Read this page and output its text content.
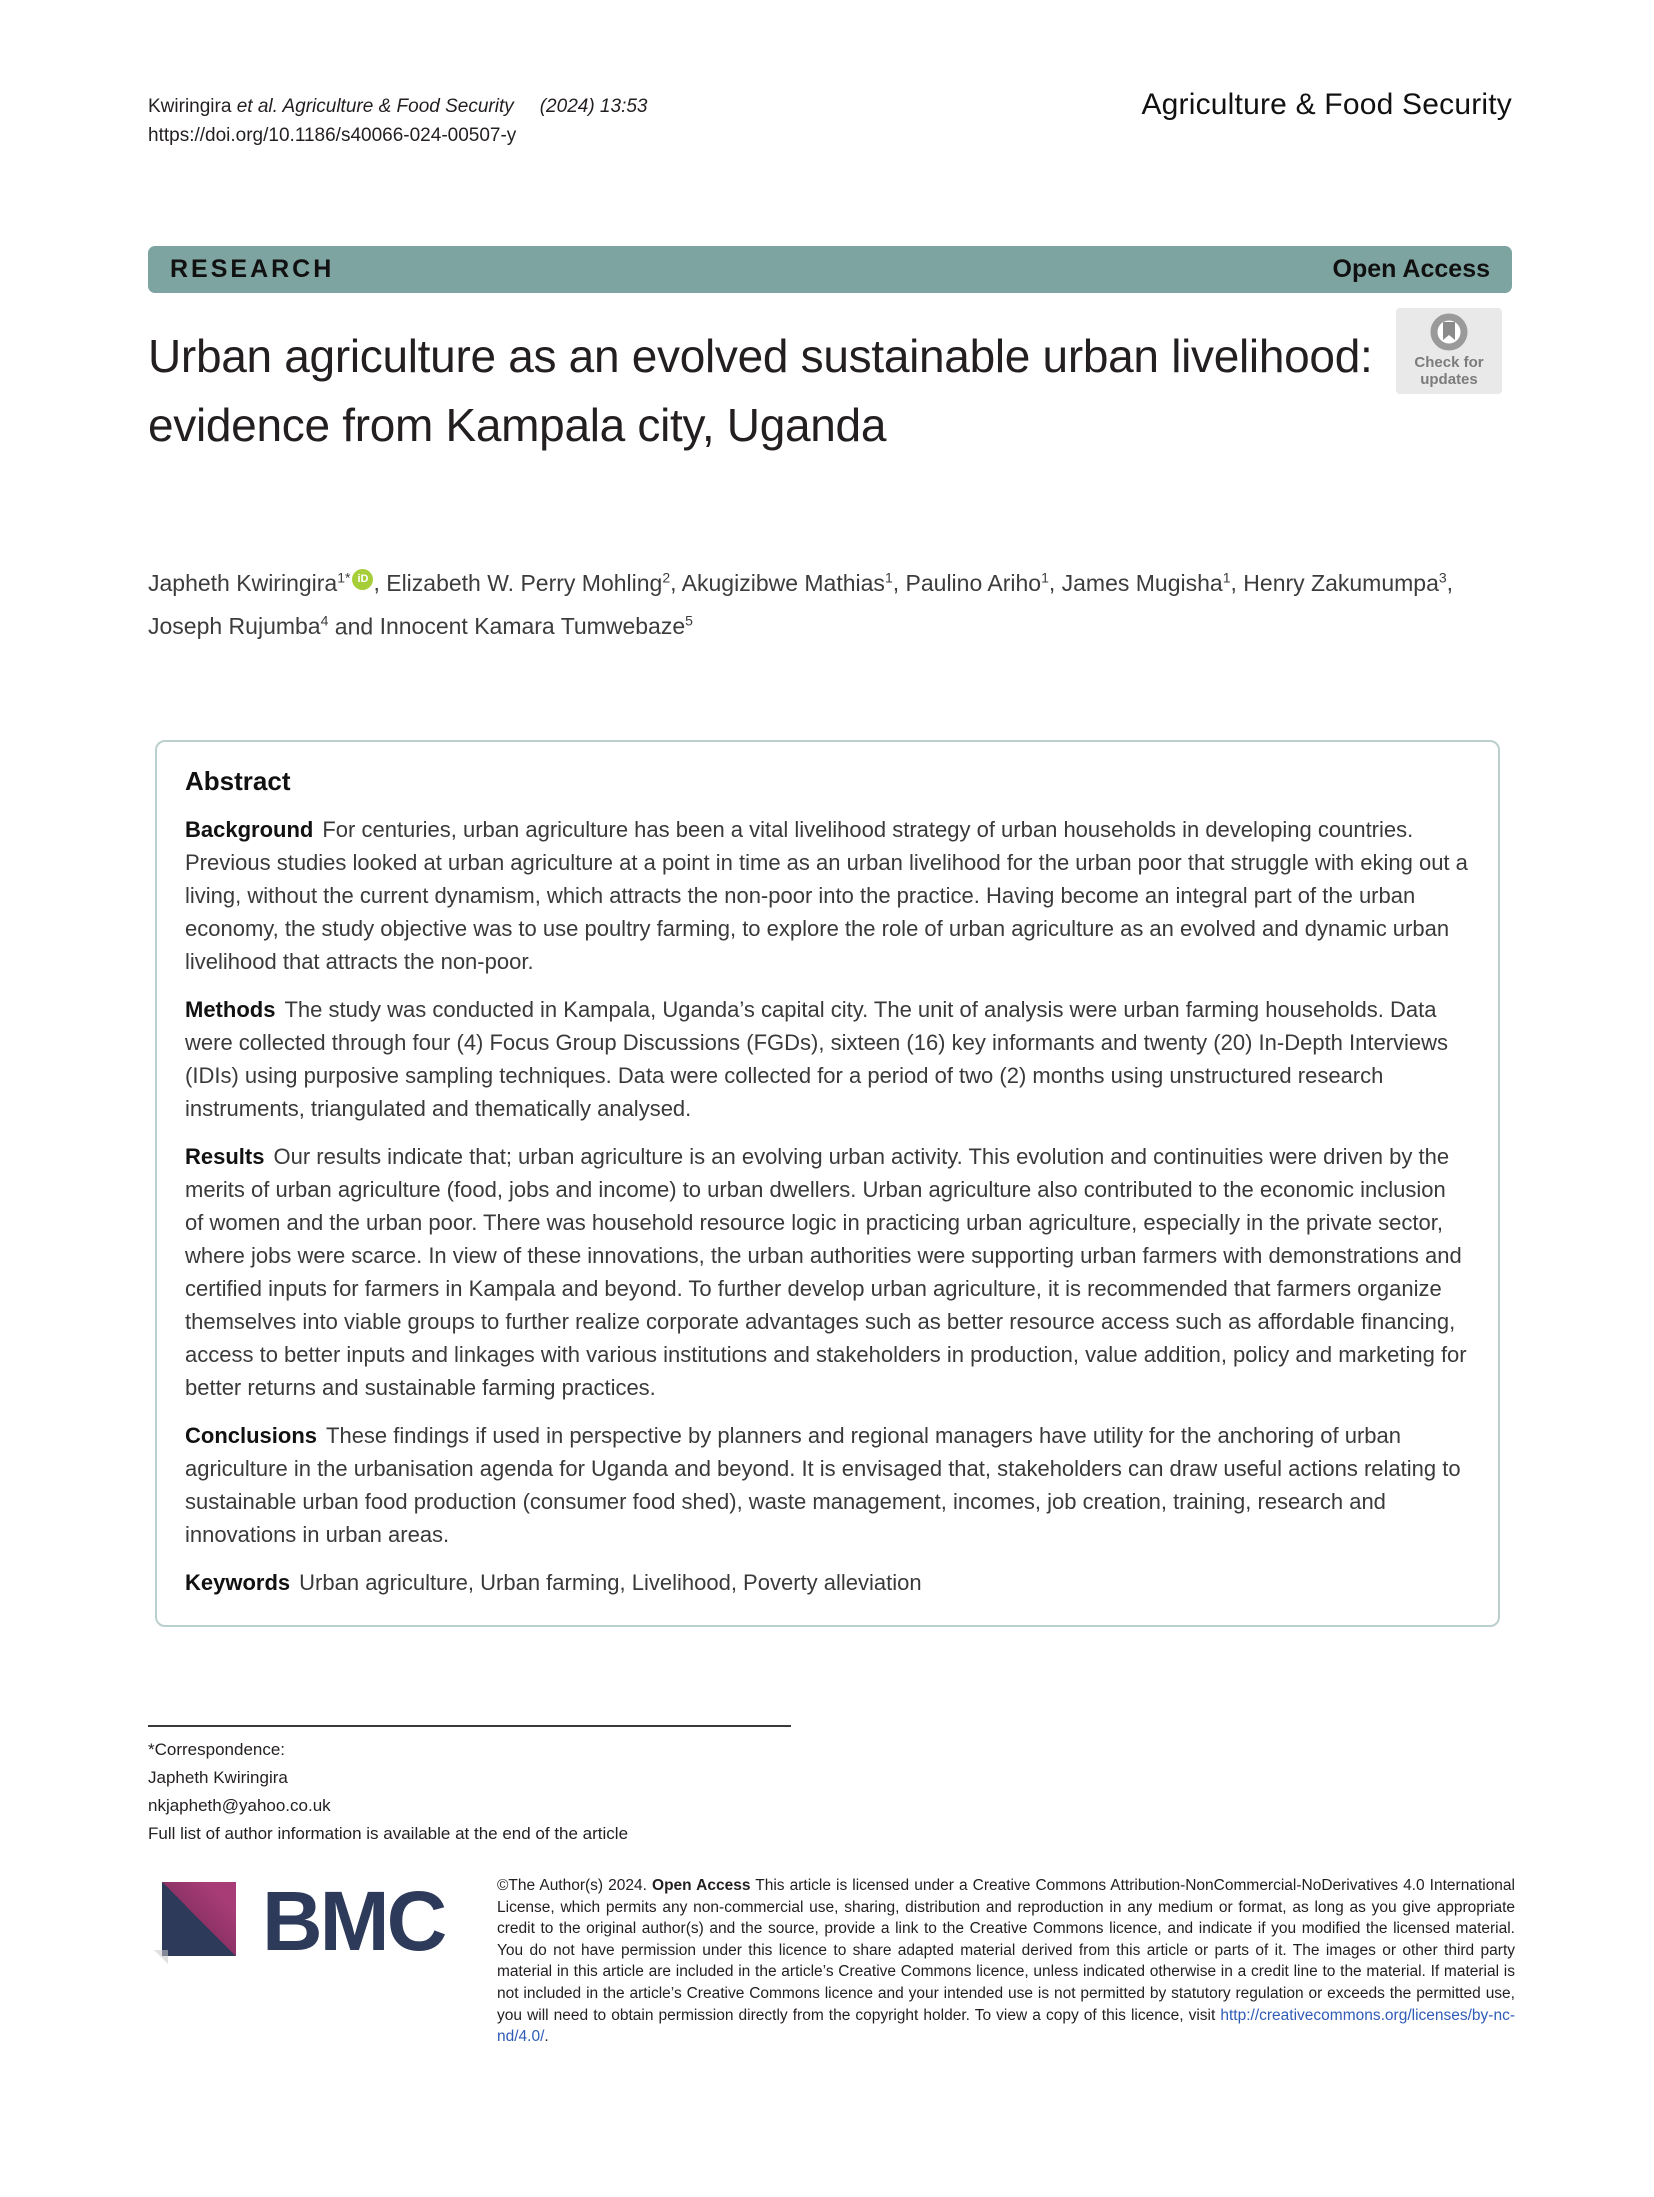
Kwiringira et al. Agriculture & Food Security (2024) 13:53
https://doi.org/10.1186/s40066-024-00507-y
Agriculture & Food Security
RESEARCH	Open Access
Check for
updates
Urban agriculture as an evolved sustainable urban livelihood: evidence from Kampala city, Uganda
Japheth Kwiringira$^{1*}$ iD , Elizabeth W. Perry Mohling$^2$, Akugizibwe Mathias$^1$, Paulino Ariho$^1$, James Mugisha$^1$, Henry Zakumumpa$^3$, Joseph Rujumba$^4$ and Innocent Kamara Tumwebaze$^5$
Abstract

Background For centuries, urban agriculture has been a vital livelihood strategy of urban households in developing countries. Previous studies looked at urban agriculture at a point in time as an urban livelihood for the urban poor that struggle with eking out a living, without the current dynamism, which attracts the non-poor into the practice. Having become an integral part of the urban economy, the study objective was to use poultry farming, to explore the role of urban agriculture as an evolved and dynamic urban livelihood that attracts the non-poor.

Methods The study was conducted in Kampala, Uganda’s capital city. The unit of analysis were urban farming households. Data were collected through four (4) Focus Group Discussions (FGDs), sixteen (16) key informants and twenty (20) In-Depth Interviews (IDIs) using purposive sampling techniques. Data were collected for a period of two (2) months using unstructured research instruments, triangulated and thematically analysed.

Results Our results indicate that; urban agriculture is an evolving urban activity. This evolution and continuities were driven by the merits of urban agriculture (food, jobs and income) to urban dwellers. Urban agriculture also contributed to the economic inclusion of women and the urban poor. There was household resource logic in practicing urban agriculture, especially in the private sector, where jobs were scarce. In view of these innovations, the urban authorities were supporting urban farmers with demonstrations and certified inputs for farmers in Kampala and beyond. To further develop urban agriculture, it is recommended that farmers organize themselves into viable groups to further realize corporate advantages such as better resource access such as affordable financing, access to better inputs and linkages with various institutions and stakeholders in production, value addition, policy and marketing for better returns and sustainable farming practices.

Conclusions These findings if used in perspective by planners and regional managers have utility for the anchoring of urban agriculture in the urbanisation agenda for Uganda and beyond. It is envisaged that, stakeholders can draw useful actions relating to sustainable urban food production (consumer food shed), waste management, incomes, job creation, training, research and innovations in urban areas.

Keywords Urban agriculture, Urban farming, Livelihood, Poverty alleviation

*Correspondence:
Japheth Kwiringira
nkjapheth@yahoo.co.uk
Full list of author information is available at the end of the article
BMC	©The Author(s) 2024. Open Access This article is licensed under a Creative Commons Attribution-NonCommercial-NoDerivatives 4.0 International License, which permits any non-commercial use, sharing, distribution and reproduction in any medium or format, as long as you give appropriate credit to the original author(s) and the source, provide a link to the Creative Commons licence, and indicate if you modified the licensed material. You do not have permission under this licence to share adapted material derived from this article or parts of it. The images or other third party material in this article are included in the article’s Creative Commons licence, unless indicated otherwise in a credit line to the material. If material is not included in the article’s Creative Commons licence and your intended use is not permitted by statutory regulation or exceeds the permitted use, you will need to obtain permission directly from the copyright holder. To view a copy of this licence, visit http://creativecommons.org/licenses/by-nc-nd/4.0/.
